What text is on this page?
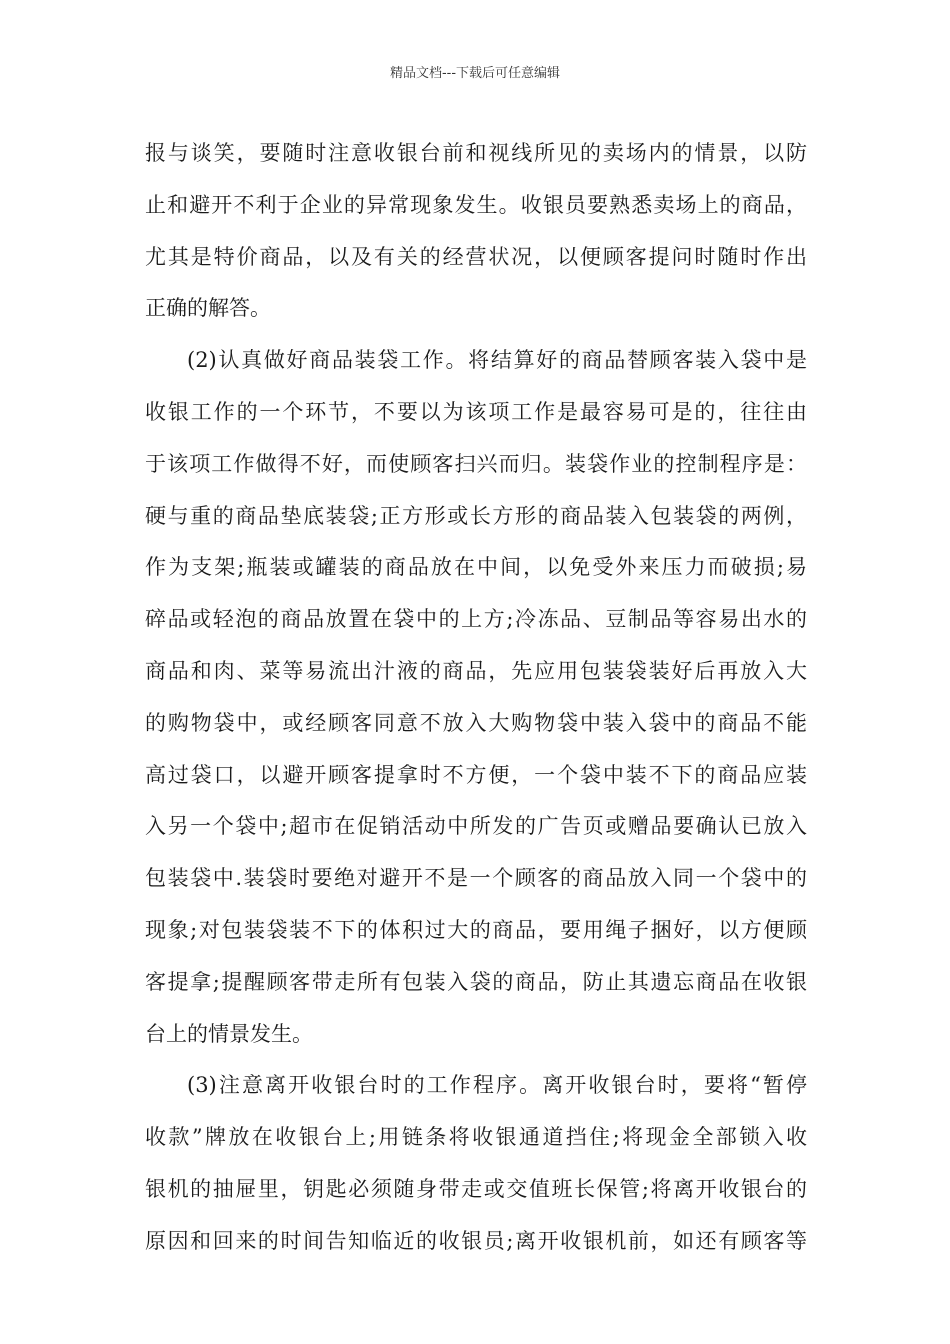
精品文档---下载后可任意编辑
报与谈笑，要随时注意收银台前和视线所见的卖场内的情景，以防
止和避开不利于企业的异常现象发生。收银员要熟悉卖场上的商品，
尤其是特价商品，以及有关的经营状况，以便顾客提问时随时作出
正确的解答。
(2)认真做好商品装袋工作。将结算好的商品替顾客装入袋中是
收银工作的一个环节，不要以为该项工作是最容易可是的，往往由
于该项工作做得不好，而使顾客扫兴而归。装袋作业的控制程序是：
硬与重的商品垫底装袋;正方形或长方形的商品装入包装袋的两例，
作为支架;瓶装或罐装的商品放在中间，以免受外来压力而破损;易
碎品或轻泡的商品放置在袋中的上方;冷冻品、豆制品等容易出水的
商品和肉、菜等易流出汁液的商品，先应用包装袋装好后再放入大
的购物袋中，或经顾客同意不放入大购物袋中装入袋中的商品不能
高过袋口，以避开顾客提拿时不方便，一个袋中装不下的商品应装
入另一个袋中;超市在促销活动中所发的广告页或赠品要确认已放入
包装袋中.装袋时要绝对避开不是一个顾客的商品放入同一个袋中的
现象;对包装袋装不下的体积过大的商品，要用绳子捆好，以方便顾
客提拿;提醒顾客带走所有包装入袋的商品，防止其遗忘商品在收银
台上的情景发生。
(3)注意离开收银台时的工作程序。离开收银台时，要将“暂停
收款”牌放在收银台上;用链条将收银通道挡住;将现金全部锁入收
银机的抽屉里，钥匙必须随身带走或交值班长保管;将离开收银台的
原因和回来的时间告知临近的收银员;离开收银机前，如还有顾客等
